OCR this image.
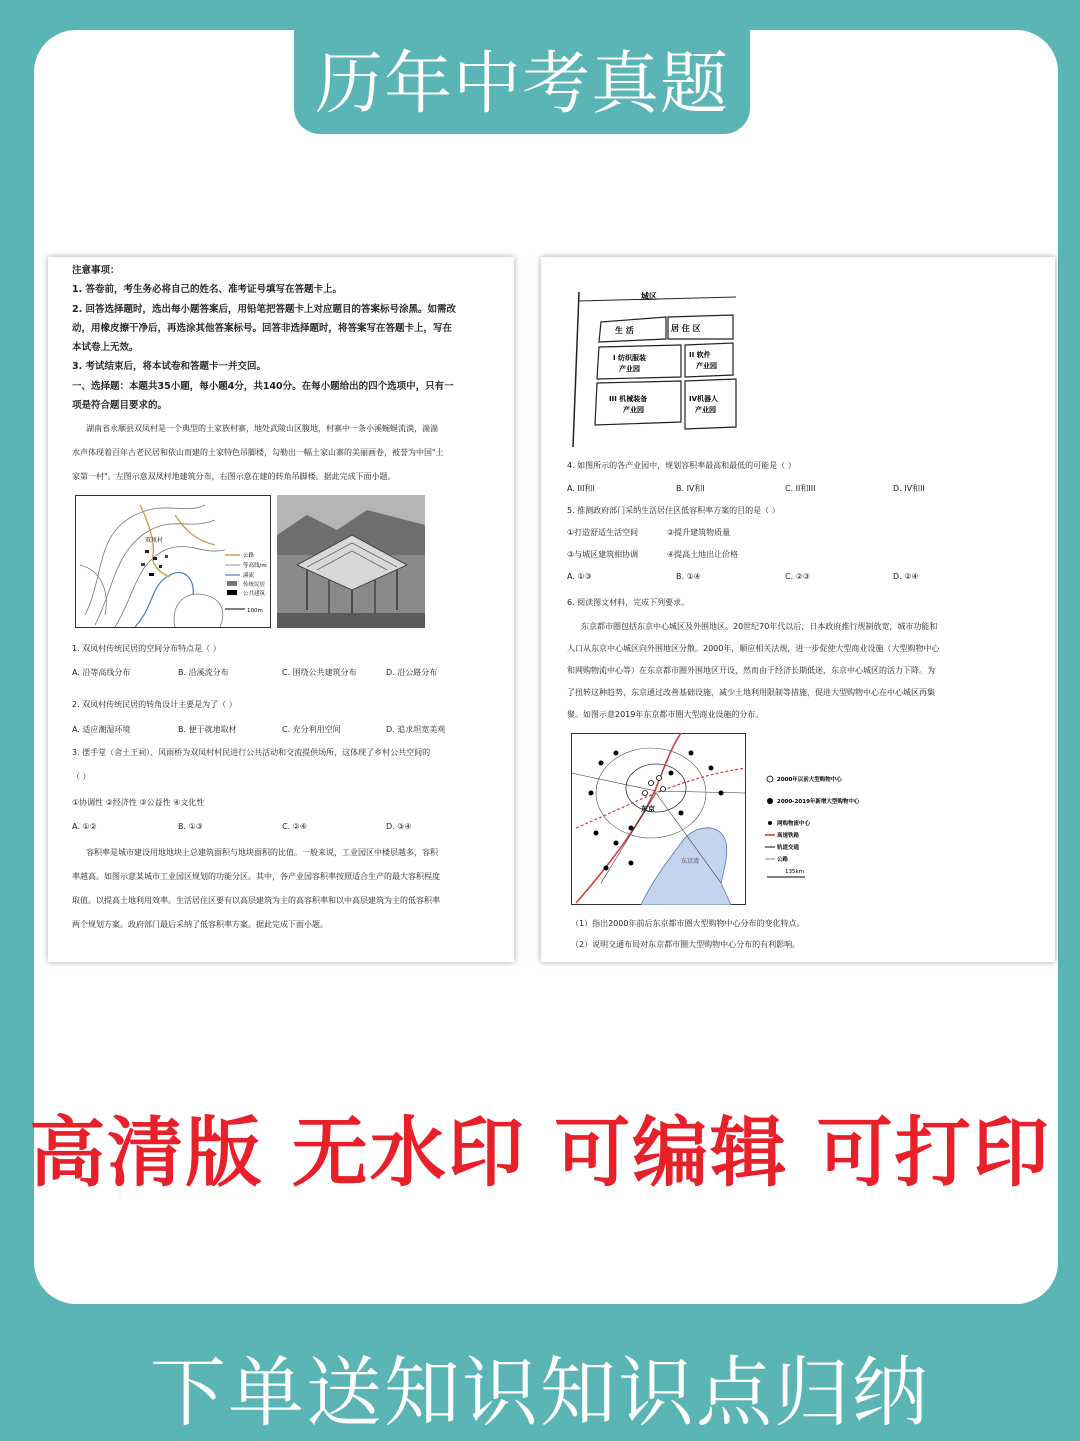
历年中考真题
注意事项：
1. 答卷前，考生务必将自己的姓名、准考证号填写在答题卡上。
2. 回答选择题时，选出每小题答案后，用铅笔把答题卡上对应题目的答案标号涂黑。如需改
动，用橡皮擦干净后，再选涂其他答案标号。回答非选择题时，将答案写在答题卡上，写在
本试卷上无效。
3. 考试结束后，将本试卷和答题卡一并交回。
一、选择题：本题共35小题，每小题4分，共140分。在每小题给出的四个选项中，只有一
项是符合题目要求的。
湖南省永顺县双凤村是一个典型的土家族村寨，地处武陵山区腹地，村寨中一条小溪蜿蜒流淌，湍湍
水声体现着百年古老民居和依山而建的土家特色吊脚楼，勾勒出一幅土家山寨的美丽画卷，被誉为中国"土
家第一村"。左图示意双凤村地建筑分布，右图示意在建的转角吊脚楼。据此完成下面小题。
双凤村
公路
等高线/m
溪流
传统民居
公共建筑
100m
1. 双凤村传统民居的空间分布特点是（ ）
A. 沿等高线分布	B. 沿溪流分布	C. 围绕公共建筑分布	D. 沿公路分布
2. 双凤村传统民居的转角设计主要是为了（ ）
A. 适应潮湿环境	B. 便于就地取材	C. 充分利用空间	D. 追求坦宽美观
3. 摆手堂（舍土王祠）、风雨桥为双凤村村民进行公共活动和交流提供场所，这体现了乡村公共空间的
（ ）
①协调性 ②经济性 ③公益性 ④文化性
A. ①②	B. ①③	C. ②④	D. ③④
容积率是城市建设用地地块上总建筑面积与地块面积的比值。一般来说，工业园区中楼层越多，容积
率越高。如图示意某城市工业园区规划的功能分区。其中，各产业园容积率按照适合生产的最大容积程度
取值。以提高土地利用效率。生活居住区要有以高层建筑为主的高容积率和以中高层建筑为主的低容积率
两个规划方案。政府部门最后采纳了低容积率方案。据此完成下面小题。
城区
生 活	居 住 区
I 纺织服装
产业园
II 软件
产业园
III 机械装备
产业园
IV机器人
产业园
4. 如图所示的各产业园中，规划容积率最高和最低的可能是（ ）
A. III和I	B. IV和I	C. II和III	D. IV和II
5. 推测政府部门采纳生活居住区低容积率方案的目的是（ ）
①打造舒适生活空间	②提升建筑物质量
③与城区建筑相协调	④提高土地出让价格
A. ①③	B. ①④	C. ②③	D. ②④
6. 阅读图文材料，完成下列要求。
东京都市圈包括东京中心城区及外围地区。20世纪70年代以后，日本政府推行规制放宽，城市功能和
人口从东京中心城区向外围地区分散。2000年，顺应相关法规，进一步促使大型商业设施（大型购物中心
和网购物流中心等）在东京都市圈外围地区开设，然而由于经济长期低迷，东京中心城区的活力下降。为
了扭转这种趋势，东京通过改善基础设施，减少土地利用限制等措施，促进大型购物中心在中心城区再集
聚。如图示意2019年东京都市圈大型商业设施的分布。
东京
东京湾
2000年以前大型购物中心
2000-2019年新增大型购物中心
网购物流中心
高速铁路
轨道交通
公路
135km
（1）指出2000年前后东京都市圈大型购物中心分布的变化特点。
（2）说明交通布局对东京都市圈大型购物中心分布的有利影响。
高清版 无水印 可编辑 可打印
下单送知识知识点归纳
